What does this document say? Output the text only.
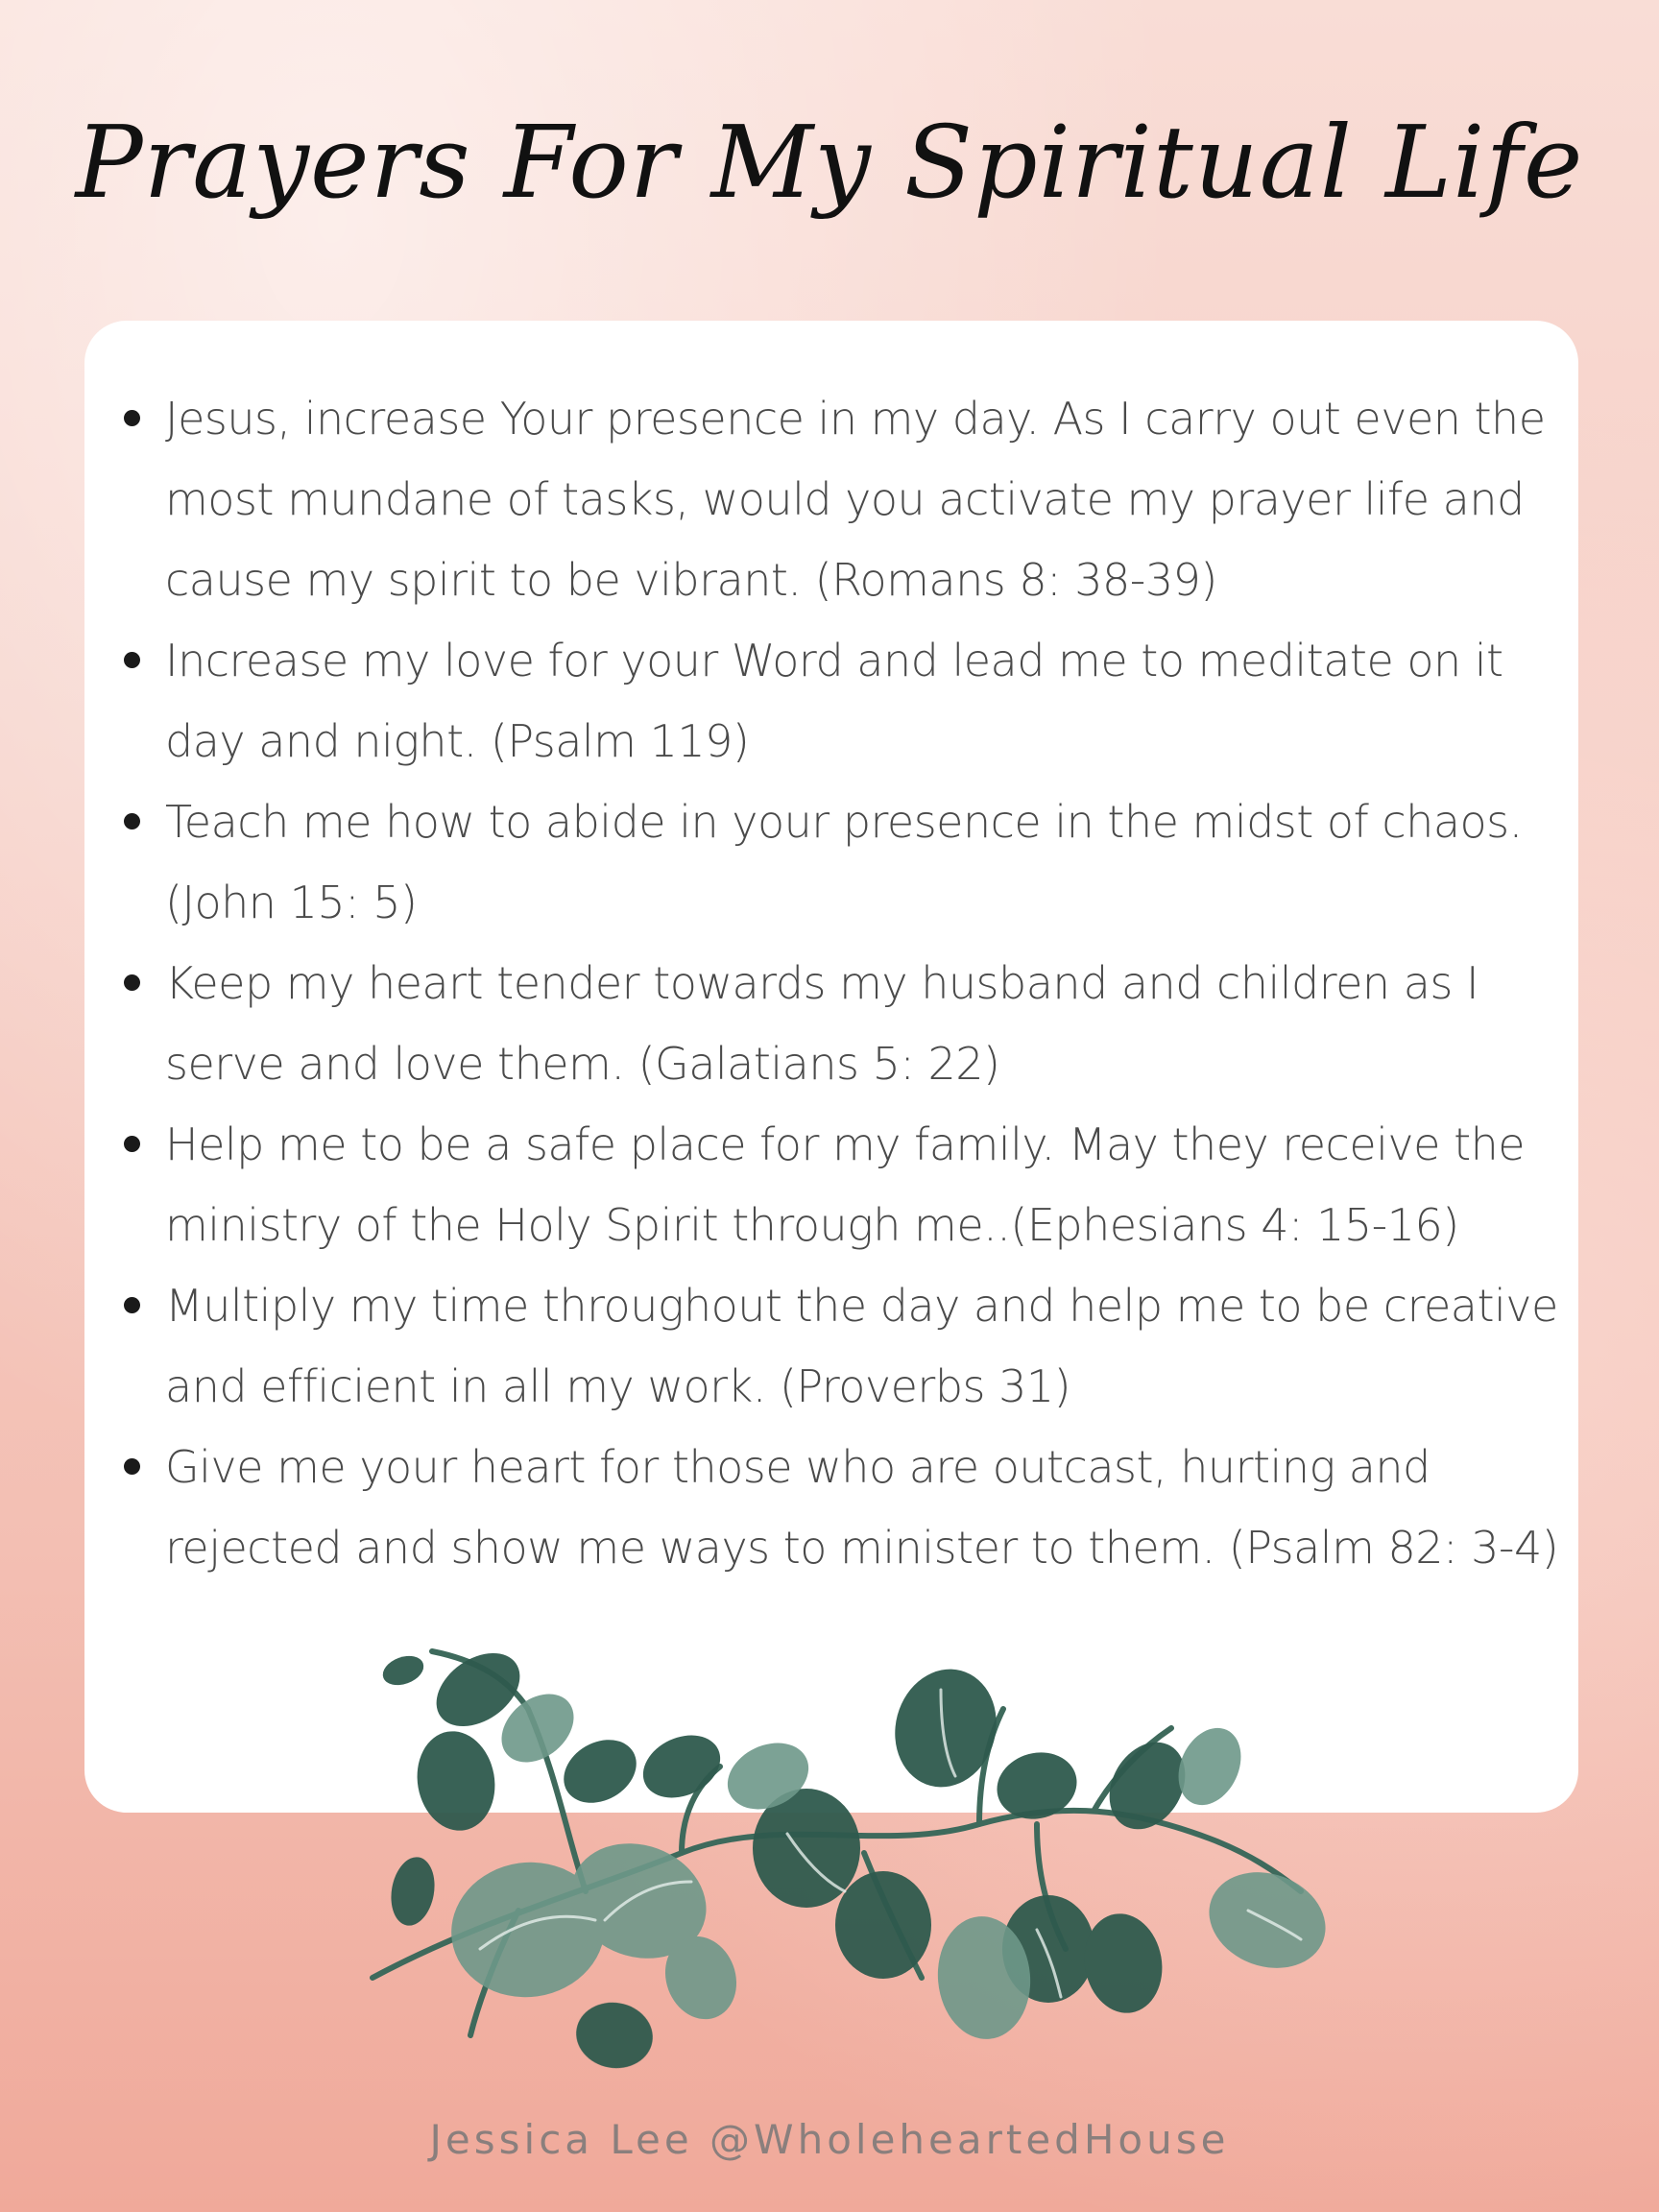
Prayers For My Spiritual Life
Jesus, increase Your presence in my day. As I carry out even the most mundane of tasks, would you activate my prayer life and cause my spirit to be vibrant. (Romans 8: 38-39)
Increase my love for your Word and lead me to meditate on it day and night. (Psalm 119)
Teach me how to abide in your presence in the midst of chaos. (John 15: 5)
Keep my heart tender towards my husband and children as I serve and love them. (Galatians 5: 22)
Help me to be a safe place for my family. May they receive the ministry of the Holy Spirit through me..(Ephesians 4: 15-16)
Multiply my time throughout the day and help me to be creative and efficient in all my work. (Proverbs 31)
Give me your heart for those who are outcast, hurting and rejected and show me ways to minister to them. (Psalm 82: 3-4)
Jessica Lee @WholeheartedHouse
